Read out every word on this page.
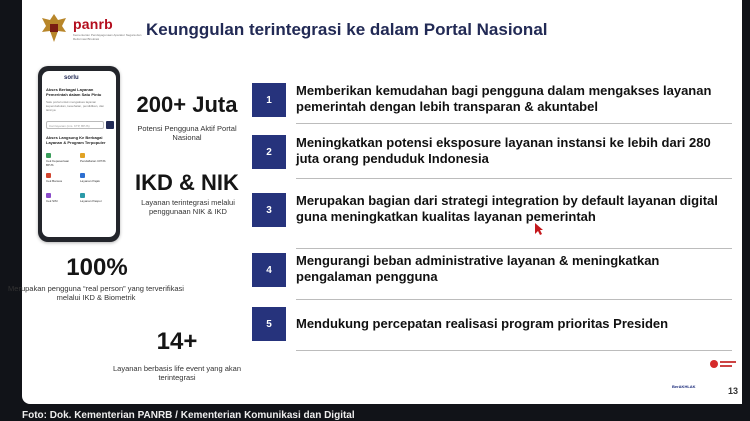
panrb
Kementerian Pendayagunaan Aparatur Negara dan Reformasi Birokrasi	Keunggulan terintegrasi ke dalam Portal Nasional
sorlu
Akses Berbagai Layanan Pemerintah dalam Satu Pintu
Satu portal untuk mengakses layanan kependudukan, kesehatan, pendidikan, dan lainnya
Cari layanan (mis. KTP, BPJS)
Akses Langsung Ke Berbagai Layanan & Program Terpopuler
Cek Kepesertaan BPJS
Pendaftaran CPNS
Cek Bansos	Layanan Pajak
Cek SIM	Layanan Paspor
200+ Juta
Potensi Pengguna Aktif Portal Nasional
IKD & NIK
Layanan terintegrasi melalui penggunaan NIK & IKD
100%
Merupakan pengguna “real person” yang terverifikasi melalui IKD & Biometrik
14+
Layanan berbasis life event yang akan terintegrasi
1
Memberikan kemudahan bagi pengguna dalam mengakses layanan pemerintah dengan lebih transparan & akuntabel
2
Meningkatkan potensi eksposure layanan instansi ke lebih dari 280 juta orang penduduk Indonesia
3
Merupakan bagian dari strategi integration by default layanan digital guna meningkatkan kualitas layanan pemerintah
4
Mengurangi beban administrative layanan & meningkatkan pengalaman pengguna
5	Mendukung percepatan realisasi program prioritas Presiden
BerAKHLAK	13
Foto: Dok. Kementerian PANRB / Kementerian Komunikasi dan Digital
